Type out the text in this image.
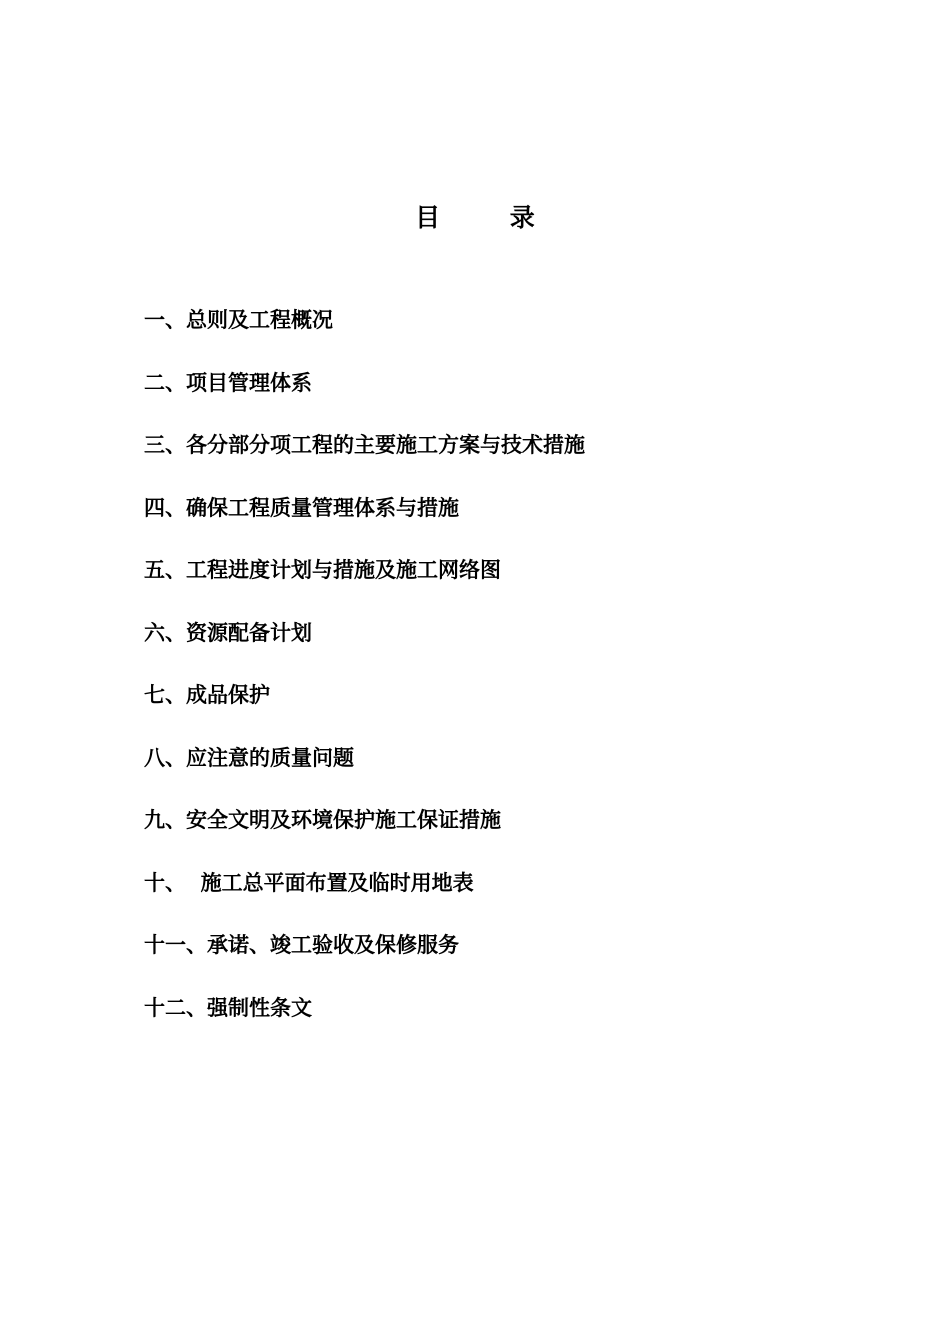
目        录
一、总则及工程概况
二、项目管理体系
三、各分部分项工程的主要施工方案与技术措施
四、确保工程质量管理体系与措施
五、工程进度计划与措施及施工网络图
六、资源配备计划
七、成品保护
八、应注意的质量问题
九、安全文明及环境保护施工保证措施
十、  施工总平面布置及临时用地表
十一、承诺、竣工验收及保修服务
十二、强制性条文
